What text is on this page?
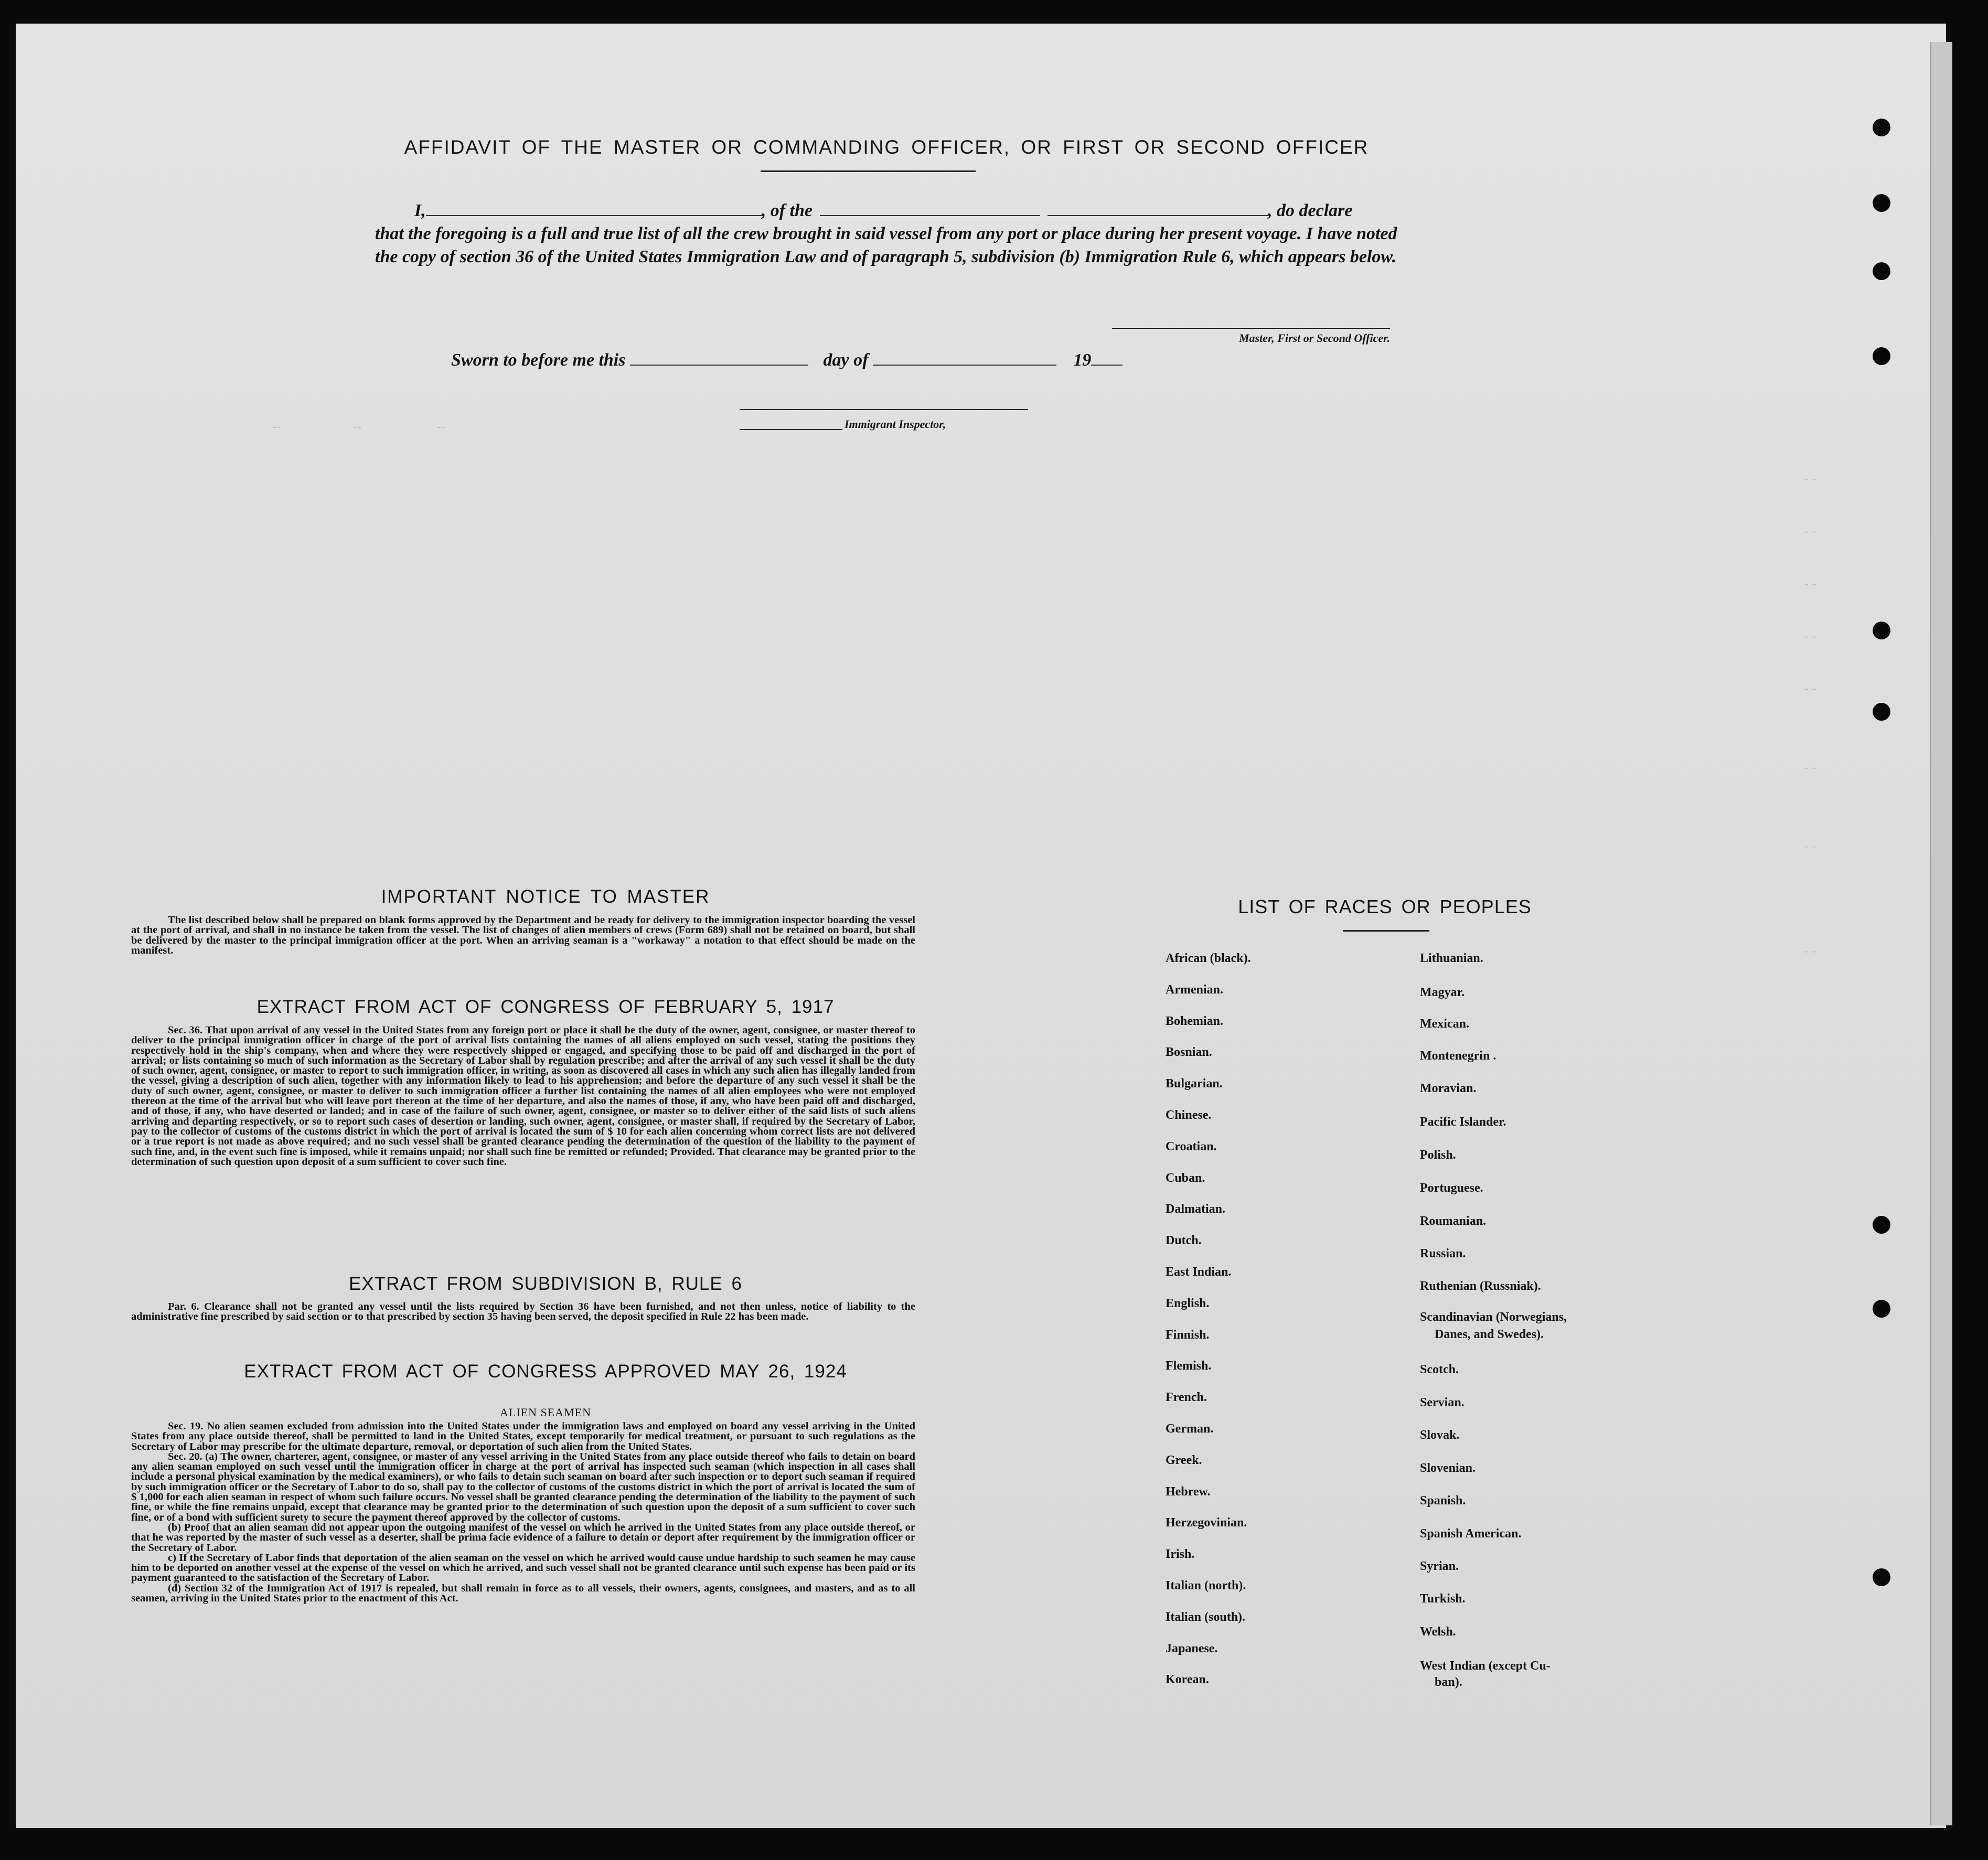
--                     --                      --
- -
- -
- -
- -
- -
- -
- -
- -
AFFIDAVIT OF THE MASTER OR COMMANDING OFFICER, OR FIRST OR SECOND OFFICER
I,	, of the	, do declare
that the foregoing is a full and true list of all the crew brought in said vessel from any port or place during her present voyage. I have noted the copy of section 36 of the United States Immigration Law and of paragraph 5, subdivision (b) Immigration Rule 6, which appears below.
Master, First or Second Officer.
Sworn to before me this	day of	19
Immigrant Inspector,
IMPORTANT NOTICE TO MASTER
The list described below shall be prepared on blank forms approved by the Department and be ready for delivery to the immigration inspector boarding the vessel at the port of arrival, and shall in no instance be taken from the vessel. The list of changes of alien members of crews (Form 689) shall not be retained on board, but shall be delivered by the master to the principal immigration officer at the port. When an arriving seaman is a "workaway" a notation to that effect should be made on the manifest.
EXTRACT FROM ACT OF CONGRESS OF FEBRUARY 5, 1917
Sec. 36. That upon arrival of any vessel in the United States from any foreign port or place it shall be the duty of the owner, agent, consignee, or master thereof to deliver to the principal immigration officer in charge of the port of arrival lists containing the names of all aliens employed on such vessel, stating the positions they respectively hold in the ship's company, when and where they were respectively shipped or engaged, and specifying those to be paid off and discharged in the port of arrival; or lists containing so much of such information as the Secretary of Labor shall by regulation prescribe; and after the arrival of any such vessel it shall be the duty of such owner, agent, consignee, or master to report to such immigration officer, in writing, as soon as discovered all cases in which any such alien has illegally landed from the vessel, giving a description of such alien, together with any information likely to lead to his apprehension; and before the departure of any such vessel it shall be the duty of such owner, agent, consignee, or master to deliver to such immigration officer a further list containing the names of all alien employees who were not employed thereon at the time of the arrival but who will leave port thereon at the time of her departure, and also the names of those, if any, who have been paid off and discharged, and of those, if any, who have deserted or landed; and in case of the failure of such owner, agent, consignee, or master so to deliver either of the said lists of such aliens arriving and departing respectively, or so to report such cases of desertion or landing, such owner, agent, consignee, or master shall, if required by the Secretary of Labor, pay to the collector of customs of the customs district in which the port of arrival is located the sum of $ 10 for each alien concerning whom correct lists are not delivered or a true report is not made as above required; and no such vessel shall be granted clearance pending the determination of the question of the liability to the payment of such fine, and, in the event such fine is imposed, while it remains unpaid; nor shall such fine be remitted or refunded; Provided. That clearance may be granted prior to the determination of such question upon deposit of a sum sufficient to cover such fine.
EXTRACT FROM SUBDIVISION B, RULE 6
Par. 6. Clearance shall not be granted any vessel until the lists required by Section 36 have been furnished, and not then unless, notice of liability to the administrative fine prescribed by said section or to that prescribed by section 35 having been served, the deposit specified in Rule 22 has been made.
EXTRACT FROM ACT OF CONGRESS APPROVED MAY 26, 1924
ALIEN SEAMEN
Sec. 19. No alien seamen excluded from admission into the United States under the immigration laws and employed on board any vessel arriving in the United States from any place outside thereof, shall be permitted to land in the United States, except temporarily for medical treatment, or pursuant to such regulations as the Secretary of Labor may prescribe for the ultimate departure, removal, or deportation of such alien from the United States.
Sec. 20. (a) The owner, charterer, agent, consignee, or master of any vessel arriving in the United States from any place outside thereof who fails to detain on board any alien seaman employed on such vessel until the immigration officer in charge at the port of arrival has inspected such seaman (which inspection in all cases shall include a personal physical examination by the medical examiners), or who fails to detain such seaman on board after such inspection or to deport such seaman if required by such immigration officer or the Secretary of Labor to do so, shall pay to the collector of customs of the customs district in which the port of arrival is located the sum of $ 1,000 for each alien seaman in respect of whom such failure occurs. No vessel shall be granted clearance pending the determination of the liability to the payment of such fine, or while the fine remains unpaid, except that clearance may be granted prior to the determination of such question upon the deposit of a sum sufficient to cover such fine, or of a bond with sufficient surety to secure the payment thereof approved by the collector of customs.
(b) Proof that an alien seaman did not appear upon the outgoing manifest of the vessel on which he arrived in the United States from any place outside thereof, or that he was reported by the master of such vessel as a deserter, shall be prima facie evidence of a failure to detain or deport after requirement by the immigration officer or the Secretary of Labor.
c) If the Secretary of Labor finds that deportation of the alien seaman on the vessel on which he arrived would cause undue hardship to such seamen he may cause him to be deported on another vessel at the expense of the vessel on which he arrived, and such vessel shall not be granted clearance until such expense has been paid or its payment guaranteed to the satisfaction of the Secretary of Labor.
(d) Section 32 of the Immigration Act of 1917 is repealed, but shall remain in force as to all vessels, their owners, agents, consignees, and masters, and as to all seamen, arriving in the United States prior to the enactment of this Act.
LIST OF RACES OR PEOPLES
African (black).
Armenian.
Bohemian.
Bosnian.
Bulgarian.
Chinese.
Croatian.
Cuban.
Dalmatian.
Dutch.
East Indian.
English.
Finnish.
Flemish.
French.
German.
Greek.
Hebrew.
Herzegovinian.
Irish.
Italian (north).
Italian (south).
Japanese.
Korean.
Lithuanian.
Magyar.
Mexican.
Montenegrin .
Moravian.
Pacific Islander.
Polish.
Portuguese.
Roumanian.
Russian.
Ruthenian (Russniak).
Scandinavian (Norwegians,
Danes, and Swedes).
Scotch.
Servian.
Slovak.
Slovenian.
Spanish.
Spanish American.
Syrian.
Turkish.
Welsh.
West Indian (except Cu-
ban).
